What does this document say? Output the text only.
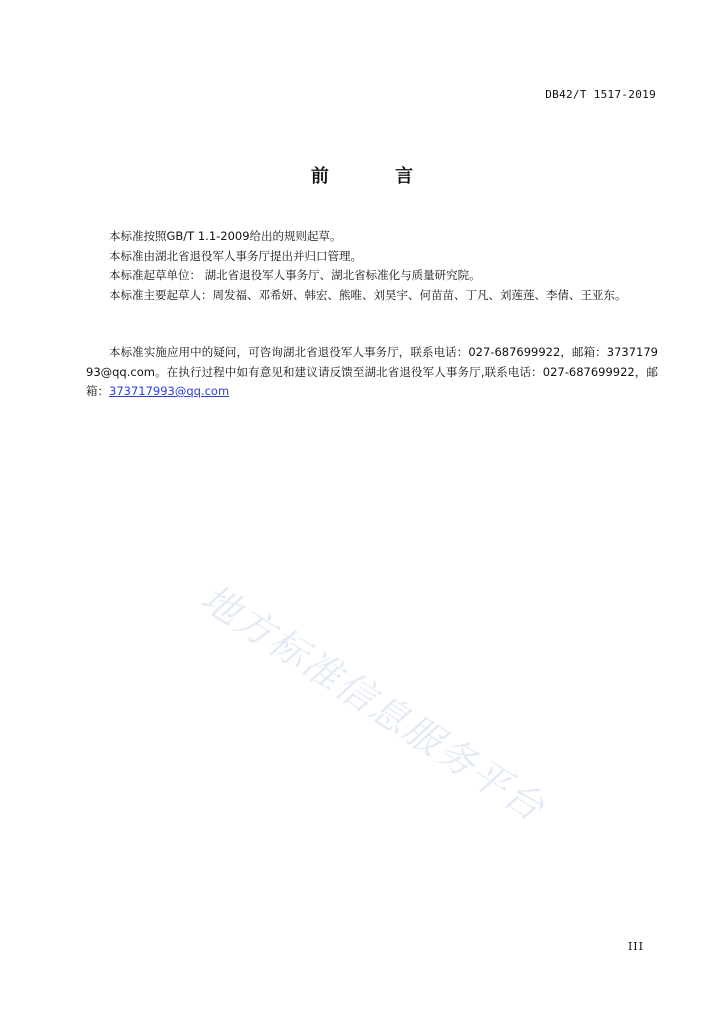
DB42/T 1517-2019
前 言

本标准按照GB/T 1.1-2009给出的规则起草。

本标准由湖北省退役军人事务厅提出并归口管理。

本标准起草单位： 湖北省退役军人事务厅、湖北省标准化与质量研究院。

本标准主要起草人：周发福、邓希妍、韩宏、熊唯、刘昊宇、何苗苗、丁凡、刘莲莲、李倩、王亚东。

本标准实施应用中的疑问，可咨询湖北省退役军人事务厅，联系电话：027-687699922，邮箱：373717993@qq.com。在执行过程中如有意见和建议请反馈至湖北省退役军人事务厅,联系电话：027-687699922，邮箱：373717993@qq.com

III
地方标准信息服务平台
